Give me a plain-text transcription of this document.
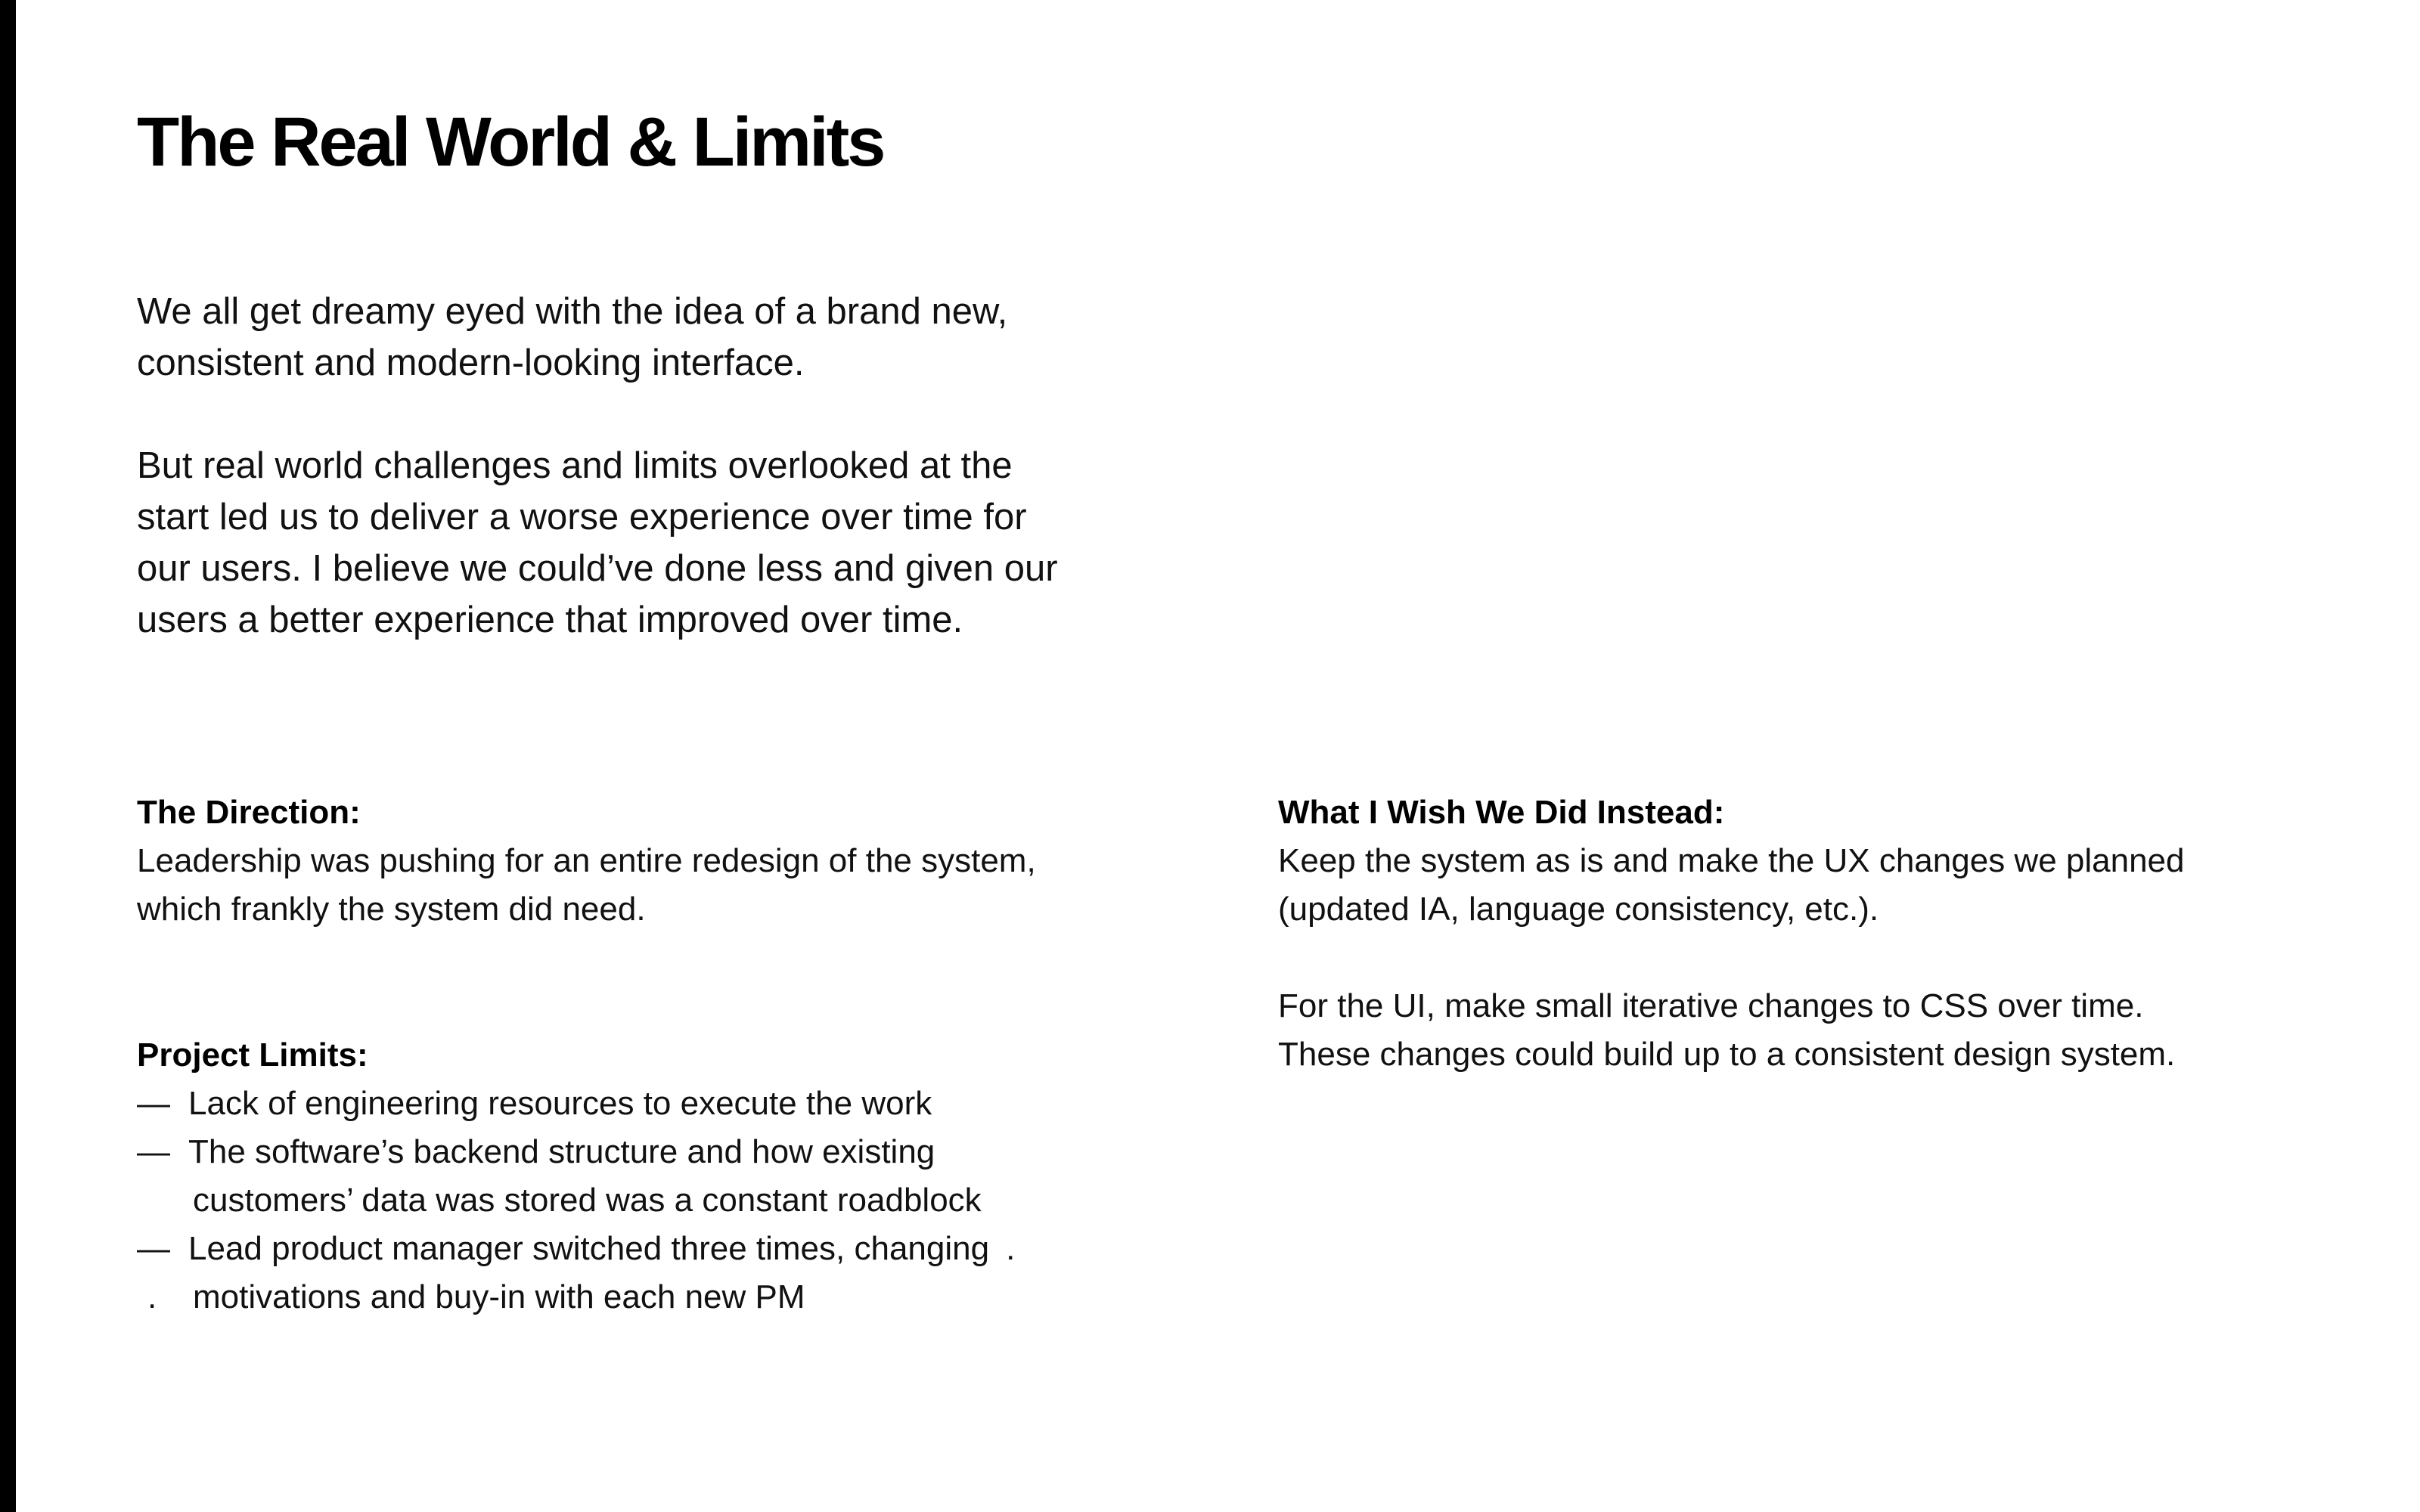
The Real World & Limits

We all get dreamy eyed with the idea of a brand new,
consistent and modern-looking interface.

But real world challenges and limits overlooked at the
start led us to deliver a worse experience over time for
our users. I believe we could’ve done less and given our
users a better experience that improved over time.

The Direction:
Leadership was pushing for an entire redesign of the system,
which frankly the system did need.
Project Limits:
— Lack of engineering resources to execute the work
— The software’s backend structure and how existing
customers’ data was stored was a constant roadblock
— Lead product manager switched three times, changing .
. motivations and buy-in with each new PM
What I Wish We Did Instead:
Keep the system as is and make the UX changes we planned
(updated IA, language consistency, etc.).
For the UI, make small iterative changes to CSS over time.
These changes could build up to a consistent design system.
